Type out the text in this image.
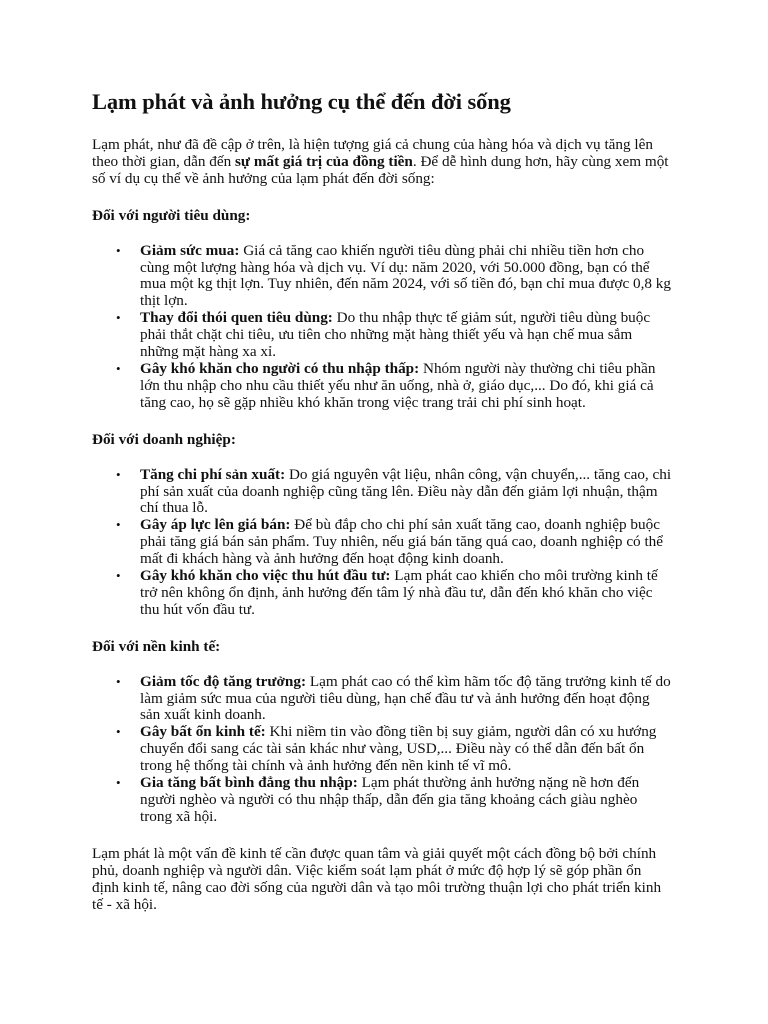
Lạm phát và ảnh hưởng cụ thể đến đời sống

Lạm phát, như đã đề cập ở trên, là hiện tượng giá cả chung của hàng hóa và dịch vụ tăng lên theo thời gian, dẫn đến sự mất giá trị của đồng tiền. Để dễ hình dung hơn, hãy cùng xem một số ví dụ cụ thể về ảnh hưởng của lạm phát đến đời sống:

Đối với người tiêu dùng:

• Giảm sức mua: Giá cả tăng cao khiến người tiêu dùng phải chi nhiều tiền hơn cho cùng một lượng hàng hóa và dịch vụ. Ví dụ: năm 2020, với 50.000 đồng, bạn có thể mua một kg thịt lợn. Tuy nhiên, đến năm 2024, với số tiền đó, bạn chỉ mua được 0,8 kg thịt lợn.
• Thay đổi thói quen tiêu dùng: Do thu nhập thực tế giảm sút, người tiêu dùng buộc phải thắt chặt chi tiêu, ưu tiên cho những mặt hàng thiết yếu và hạn chế mua sắm những mặt hàng xa xỉ.
• Gây khó khăn cho người có thu nhập thấp: Nhóm người này thường chi tiêu phần lớn thu nhập cho nhu cầu thiết yếu như ăn uống, nhà ở, giáo dục,... Do đó, khi giá cả tăng cao, họ sẽ gặp nhiều khó khăn trong việc trang trải chi phí sinh hoạt.

Đối với doanh nghiệp:

• Tăng chi phí sản xuất: Do giá nguyên vật liệu, nhân công, vận chuyển,... tăng cao, chi phí sản xuất của doanh nghiệp cũng tăng lên. Điều này dẫn đến giảm lợi nhuận, thậm chí thua lỗ.
• Gây áp lực lên giá bán: Để bù đắp cho chi phí sản xuất tăng cao, doanh nghiệp buộc phải tăng giá bán sản phẩm. Tuy nhiên, nếu giá bán tăng quá cao, doanh nghiệp có thể mất đi khách hàng và ảnh hưởng đến hoạt động kinh doanh.
• Gây khó khăn cho việc thu hút đầu tư: Lạm phát cao khiến cho môi trường kinh tế trở nên không ổn định, ảnh hưởng đến tâm lý nhà đầu tư, dẫn đến khó khăn cho việc thu hút vốn đầu tư.

Đối với nền kinh tế:

• Giảm tốc độ tăng trưởng: Lạm phát cao có thể kìm hãm tốc độ tăng trưởng kinh tế do làm giảm sức mua của người tiêu dùng, hạn chế đầu tư và ảnh hưởng đến hoạt động sản xuất kinh doanh.
• Gây bất ổn kinh tế: Khi niềm tin vào đồng tiền bị suy giảm, người dân có xu hướng chuyển đổi sang các tài sản khác như vàng, USD,... Điều này có thể dẫn đến bất ổn trong hệ thống tài chính và ảnh hưởng đến nền kinh tế vĩ mô.
• Gia tăng bất bình đẳng thu nhập: Lạm phát thường ảnh hưởng nặng nề hơn đến người nghèo và người có thu nhập thấp, dẫn đến gia tăng khoảng cách giàu nghèo trong xã hội.

Lạm phát là một vấn đề kinh tế cần được quan tâm và giải quyết một cách đồng bộ bởi chính phủ, doanh nghiệp và người dân. Việc kiểm soát lạm phát ở mức độ hợp lý sẽ góp phần ổn định kinh tế, nâng cao đời sống của người dân và tạo môi trường thuận lợi cho phát triển kinh tế - xã hội.
